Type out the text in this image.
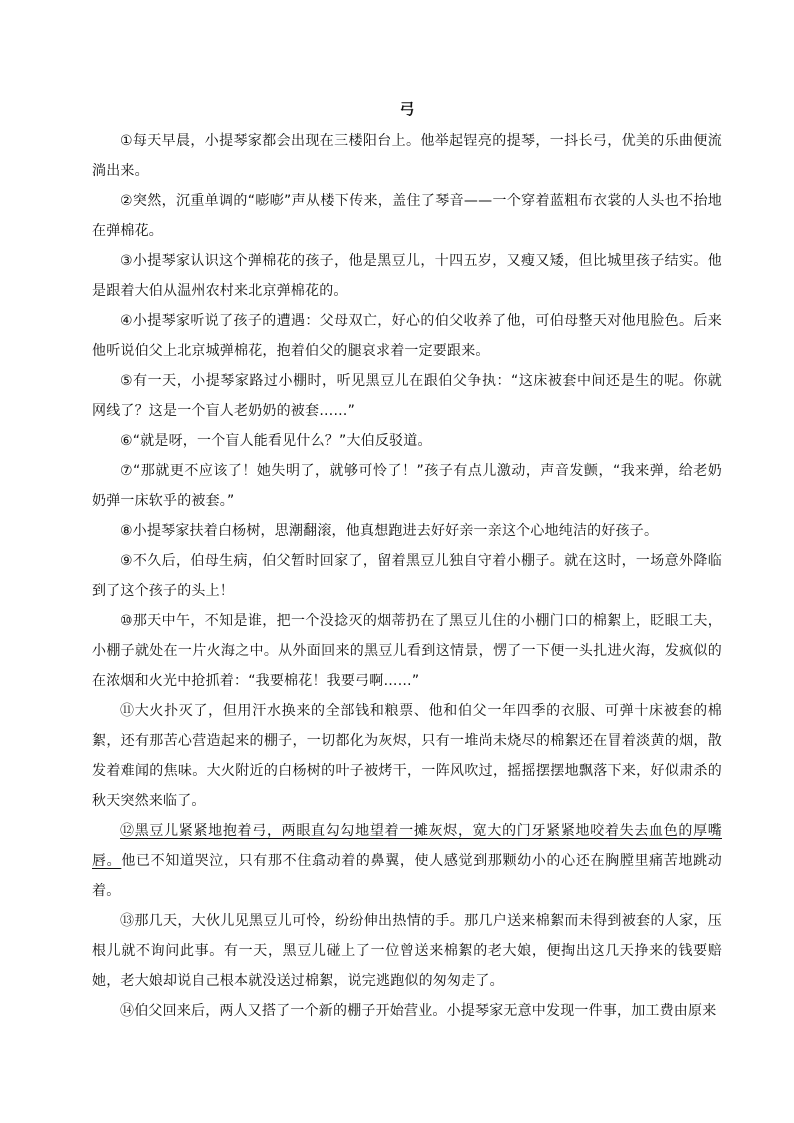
弓

①每天早晨，小提琴家都会出现在三楼阳台上。他举起锃亮的提琴，一抖长弓，优美的乐曲便流淌出来。

②突然，沉重单调的“嘭嘭”声从楼下传来，盖住了琴音——一个穿着蓝粗布衣裳的人头也不抬地在弹棉花。

③小提琴家认识这个弹棉花的孩子，他是黑豆儿，十四五岁，又瘦又矮，但比城里孩子结实。他是跟着大伯从温州农村来北京弹棉花的。

④小提琴家听说了孩子的遭遇：父母双亡，好心的伯父收养了他，可伯母整天对他甩脸色。后来他听说伯父上北京城弹棉花，抱着伯父的腿哀求着一定要跟来。

⑤有一天，小提琴家路过小棚时，听见黑豆儿在跟伯父争执：“这床被套中间还是生的呢。你就网线了？这是一个盲人老奶奶的被套……”

⑥“就是呀，一个盲人能看见什么？”大伯反驳道。

⑦“那就更不应该了！她失明了，就够可怜了！”孩子有点儿激动，声音发颤，“我来弹，给老奶奶弹一床软乎的被套。”

⑧小提琴家扶着白杨树，思潮翻滚，他真想跑进去好好亲一亲这个心地纯洁的好孩子。

⑨不久后，伯母生病，伯父暂时回家了，留着黑豆儿独自守着小棚子。就在这时，一场意外降临到了这个孩子的头上！

⑩那天中午，不知是谁，把一个没捻灭的烟蒂扔在了黑豆儿住的小棚门口的棉絮上，眨眼工夫，小棚子就处在一片火海之中。从外面回来的黑豆儿看到这情景，愣了一下便一头扎进火海，发疯似的在浓烟和火光中抢抓着：“我要棉花！我要弓啊……”

⑪大火扑灭了，但用汗水换来的全部钱和粮票、他和伯父一年四季的衣服、可弹十床被套的棉絮，还有那苦心营造起来的棚子，一切都化为灰烬，只有一堆尚未烧尽的棉絮还在冒着淡黄的烟，散发着难闻的焦味。大火附近的白杨树的叶子被烤干，一阵风吹过，摇摇摆摆地飘落下来，好似肃杀的秋天突然来临了。

⑫黑豆儿紧紧地抱着弓，两眼直勾勾地望着一摊灰烬，宽大的门牙紧紧地咬着失去血色的厚嘴唇。他已不知道哭泣，只有那不住翕动着的鼻翼，使人感觉到那颗幼小的心还在胸膛里痛苦地跳动着。

⑬那几天，大伙儿见黑豆儿可怜，纷纷伸出热情的手。那几户送来棉絮而未得到被套的人家，压根儿就不询问此事。有一天，黑豆儿碰上了一位曾送来棉絮的老大娘，便掏出这几天挣来的钱要赔她，老大娘却说自己根本就没送过棉絮，说完逃跑似的匆匆走了。

⑭伯父回来后，两人又搭了一个新的棚子开始营业。小提琴家无意中发现一件事，加工费由原来
